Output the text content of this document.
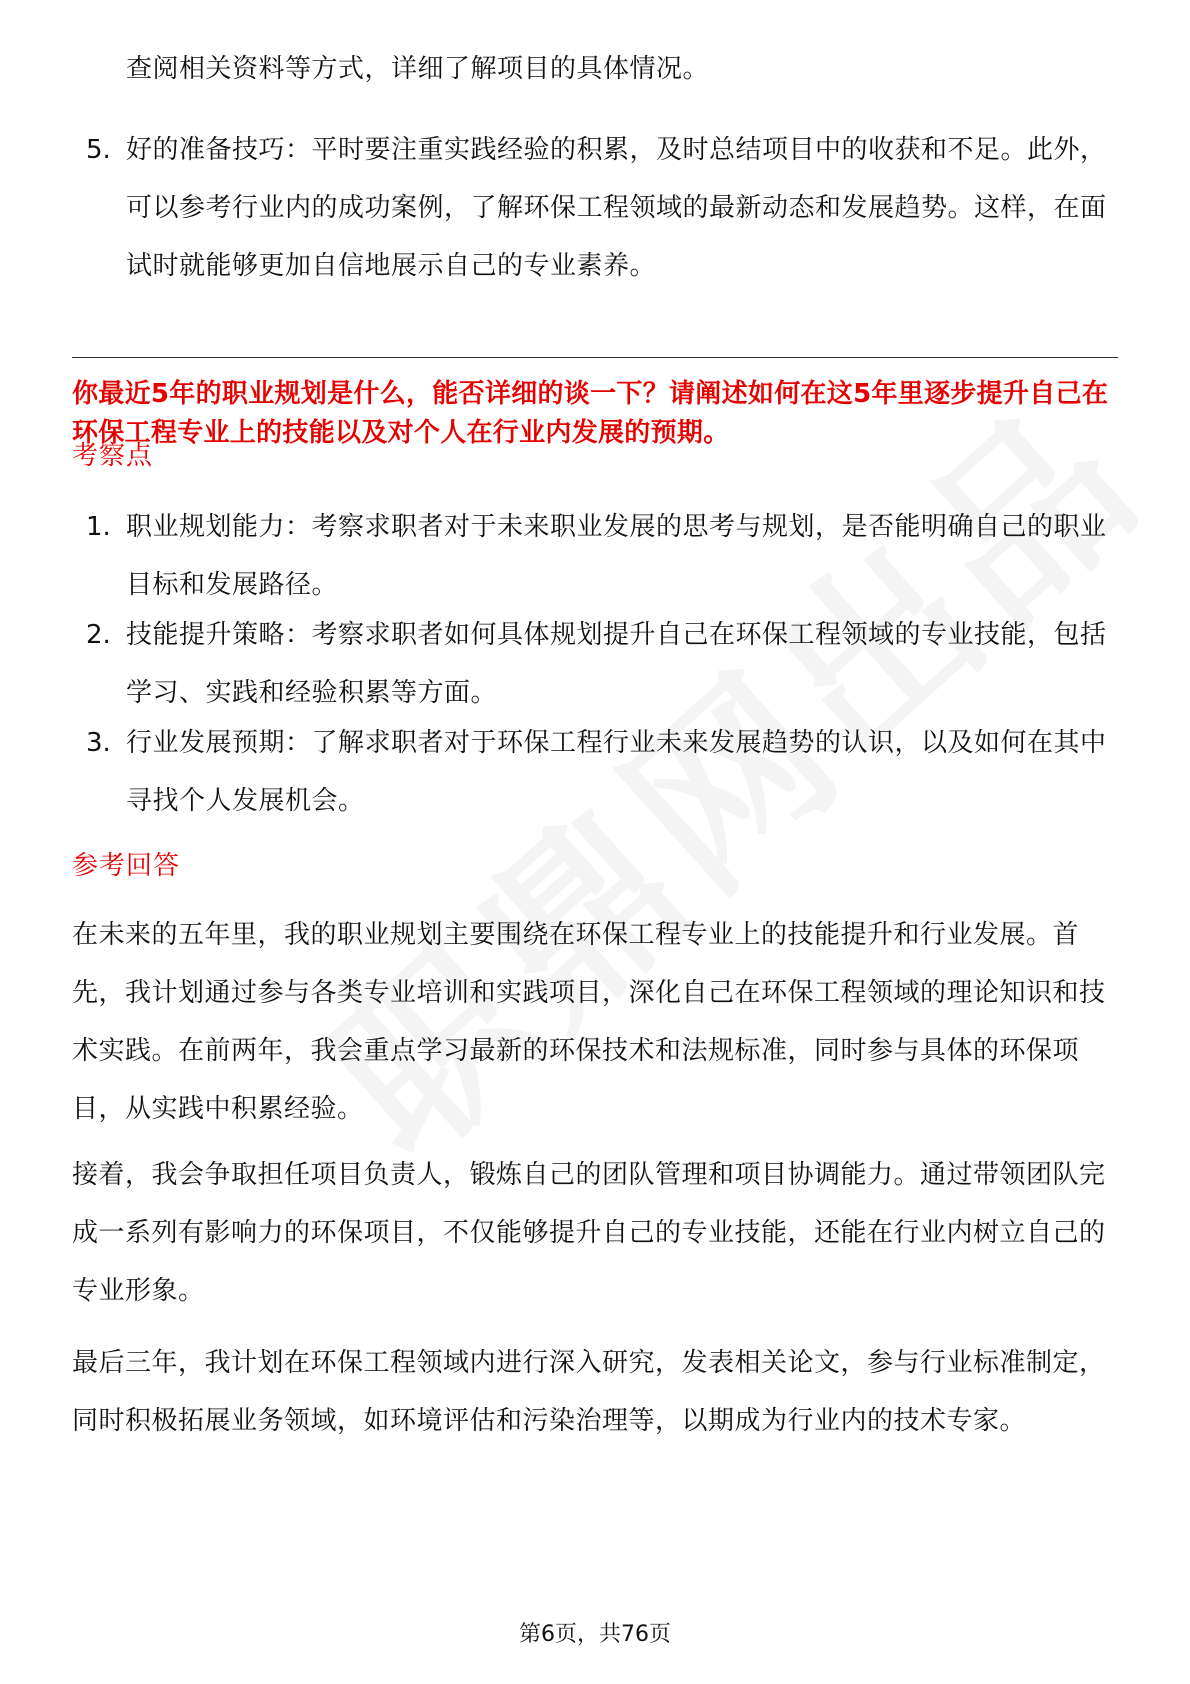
查阅相关资料等方式，详细了解项目的具体情况。
5. 好的准备技巧：平时要注重实践经验的积累，及时总结项目中的收获和不足。此外，可以参考行业内的成功案例，了解环保工程领域的最新动态和发展趋势。这样，在面试时就能够更加自信地展示自己的专业素养。
你最近5年的职业规划是什么，能否详细的谈一下？请阐述如何在这5年里逐步提升自己在环保工程专业上的技能以及对个人在行业内发展的预期。
考察点
1. 职业规划能力：考察求职者对于未来职业发展的思考与规划，是否能明确自己的职业目标和发展路径。
2. 技能提升策略：考察求职者如何具体规划提升自己在环保工程领域的专业技能，包括学习、实践和经验积累等方面。
3. 行业发展预期：了解求职者对于环保工程行业未来发展趋势的认识，以及如何在其中寻找个人发展机会。
参考回答
在未来的五年里，我的职业规划主要围绕在环保工程专业上的技能提升和行业发展。首先，我计划通过参与各类专业培训和实践项目，深化自己在环保工程领域的理论知识和技术实践。在前两年，我会重点学习最新的环保技术和法规标准，同时参与具体的环保项目，从实践中积累经验。
接着，我会争取担任项目负责人，锻炼自己的团队管理和项目协调能力。通过带领团队完成一系列有影响力的环保项目，不仅能够提升自己的专业技能，还能在行业内树立自己的专业形象。
最后三年，我计划在环保工程领域内进行深入研究，发表相关论文，参与行业标准制定，同时积极拓展业务领域，如环境评估和污染治理等，以期成为行业内的技术专家。
第6页，共76页
